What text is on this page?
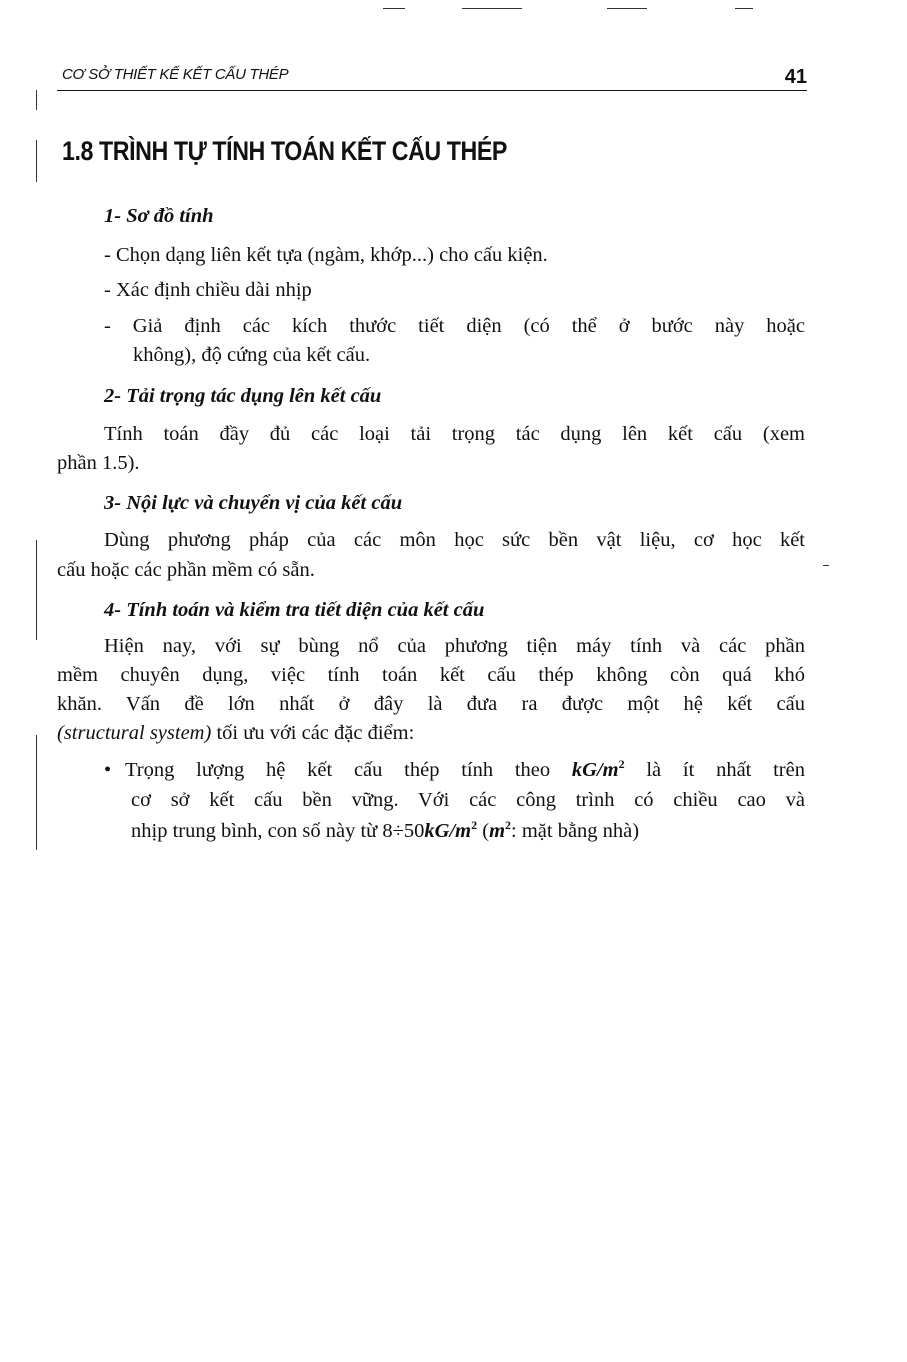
CƠ SỞ THIẾT KẾ KẾT CẤU THÉP	41
1.8 TRÌNH TỰ TÍNH TOÁN KẾT CẤU THÉP
1- Sơ đồ tính
- Chọn dạng liên kết tựa (ngàm, khớp...) cho cấu kiện.
- Xác định chiều dài nhịp
- Giả định các kích thước tiết diện (có thể ở bước này hoặc
không), độ cứng của kết cấu.
2- Tải trọng tác dụng lên kết cấu
Tính toán đầy đủ các loại tải trọng tác dụng lên kết cấu (xem
phần 1.5).
3- Nội lực và chuyển vị của kết cấu
Dùng phương pháp của các môn học sức bền vật liệu, cơ học kết
cấu hoặc các phần mềm có sẵn.
4- Tính toán và kiểm tra tiết diện của kết cấu
Hiện nay, với sự bùng nổ của phương tiện máy tính và các phần
mềm chuyên dụng, việc tính toán kết cấu thép không còn quá khó
khăn. Vấn đề lớn nhất ở đây là đưa ra được một hệ kết cấu
(structural system) tối ưu với các đặc điểm:
• Trọng lượng hệ kết cấu thép tính theo $kG/m^2$ là ít nhất trên
cơ sở kết cấu bền vững. Với các công trình có chiều cao và
nhịp trung bình, con số này từ $8\div 50kG/m^2$ ($m^2$: mặt bằng nhà)
